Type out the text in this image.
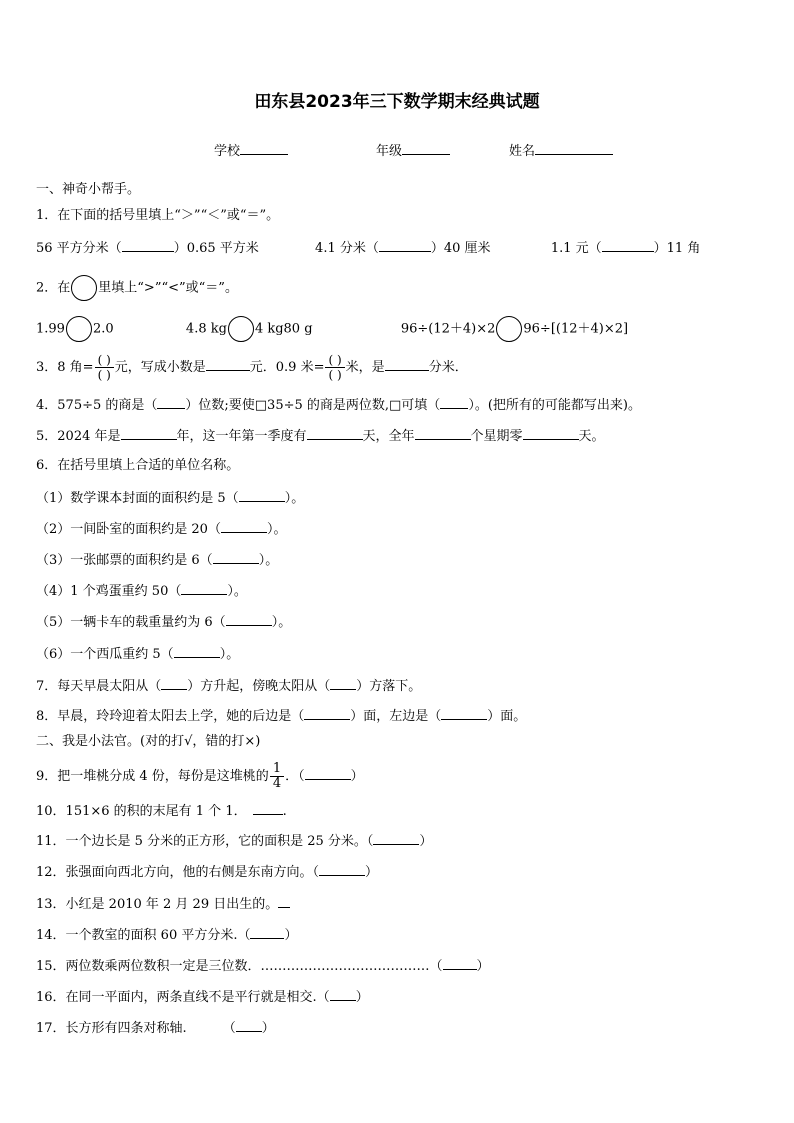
田东县2023年三下数学期末经典试题
学校	年级	姓名
一、神奇小帮手。
1．在下面的括号里填上“＞”“＜”或“＝”。
56 平方分米（	）0.65 平方米	4.1 分米（	）40 厘米	1.1 元（	）11 角
2．在 里填上“>”“<”或“＝”。
1.99 2.0	4.8 kg 4 kg80 g	96÷(12＋4)×2 96÷[(12＋4)×2]
3．8 角= $\frac{( )}{( )}$ 元，写成小数是	元．0.9 米= $\frac{( )}{( )}$ 米，是	分米．
4．575÷5 的商是（ ）位数;要使□35÷5 的商是两位数,□可填（ ）。(把所有的可能都写出来)。
5．2024 年是	年，这一年第一季度有	天，全年	个星期零	天。
6．在括号里填上合适的单位名称。
（1）数学课本封面的面积约是 5（	）。
（2）一间卧室的面积约是 20（	）。
（3）一张邮票的面积约是 6（	）。
（4）1 个鸡蛋重约 50（	）。
（5）一辆卡车的载重量约为 6（	）。
（6）一个西瓜重约 5（	）。
7．每天早晨太阳从（ ）方升起，傍晚太阳从（ ）方落下。
8．早晨，玲玲迎着太阳去上学，她的后边是（	）面，左边是（	）面。
二、我是小法官。(对的打√，错的打×)
9．把一堆桃分成 4 份，每份是这堆桃的 $\frac{1}{4}$ ．（	）
10．151×6 的积的末尾有 1 个 1．	.
11．一个边长是 5 分米的正方形，它的面积是 25 分米。（	）
12．张强面向西北方向，他的右侧是东南方向。（	）
13．小红是 2010 年 2 月 29 日出生的。
14．一个教室的面积 60 平方分米.（	）
15．两位数乘两位数积一定是三位数．…………………………………（	）
16．在同一平面内，两条直线不是平行就是相交.（ ）
17．长方形有四条对称轴.	（ ）
